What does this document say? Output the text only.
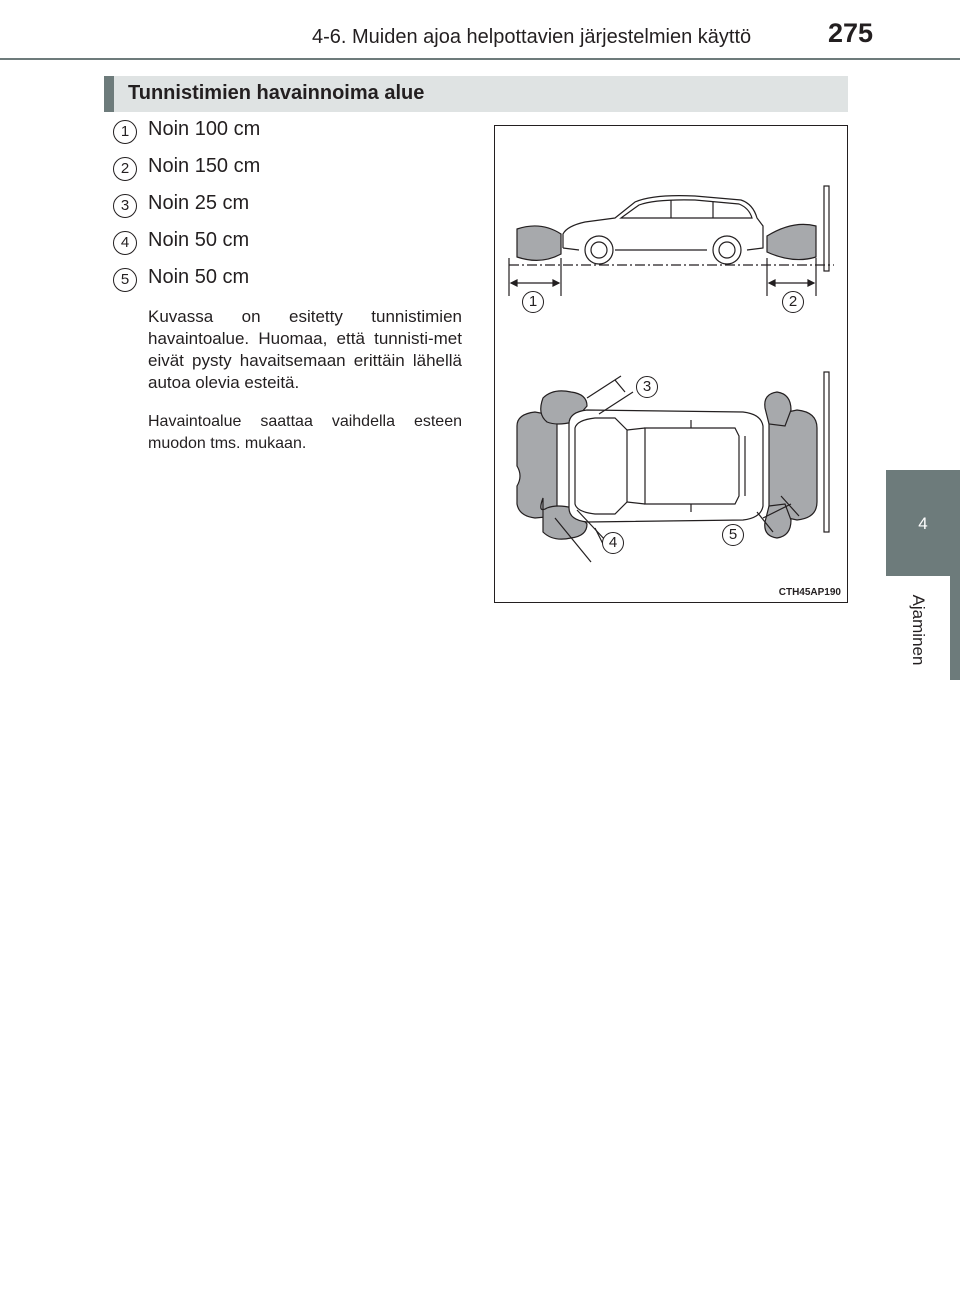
4-6. Muiden ajoa helpottavien järjestelmien käyttö	275
4
Ajaminen
Tunnistimien havainnoima alue
1 Noin 100 cm
2 Noin 150 cm
3 Noin 25 cm
4 Noin 50 cm
5 Noin 50 cm
Kuvassa on esitetty tunnistimien havaintoalue. Huomaa, että tunnisti-met eivät pysty havaitsemaan erittäin lähellä autoa olevia esteitä.
Havaintoalue saattaa vaihdella esteen muodon tms. mukaan.
1	2
3
4	5
CTH45AP190
